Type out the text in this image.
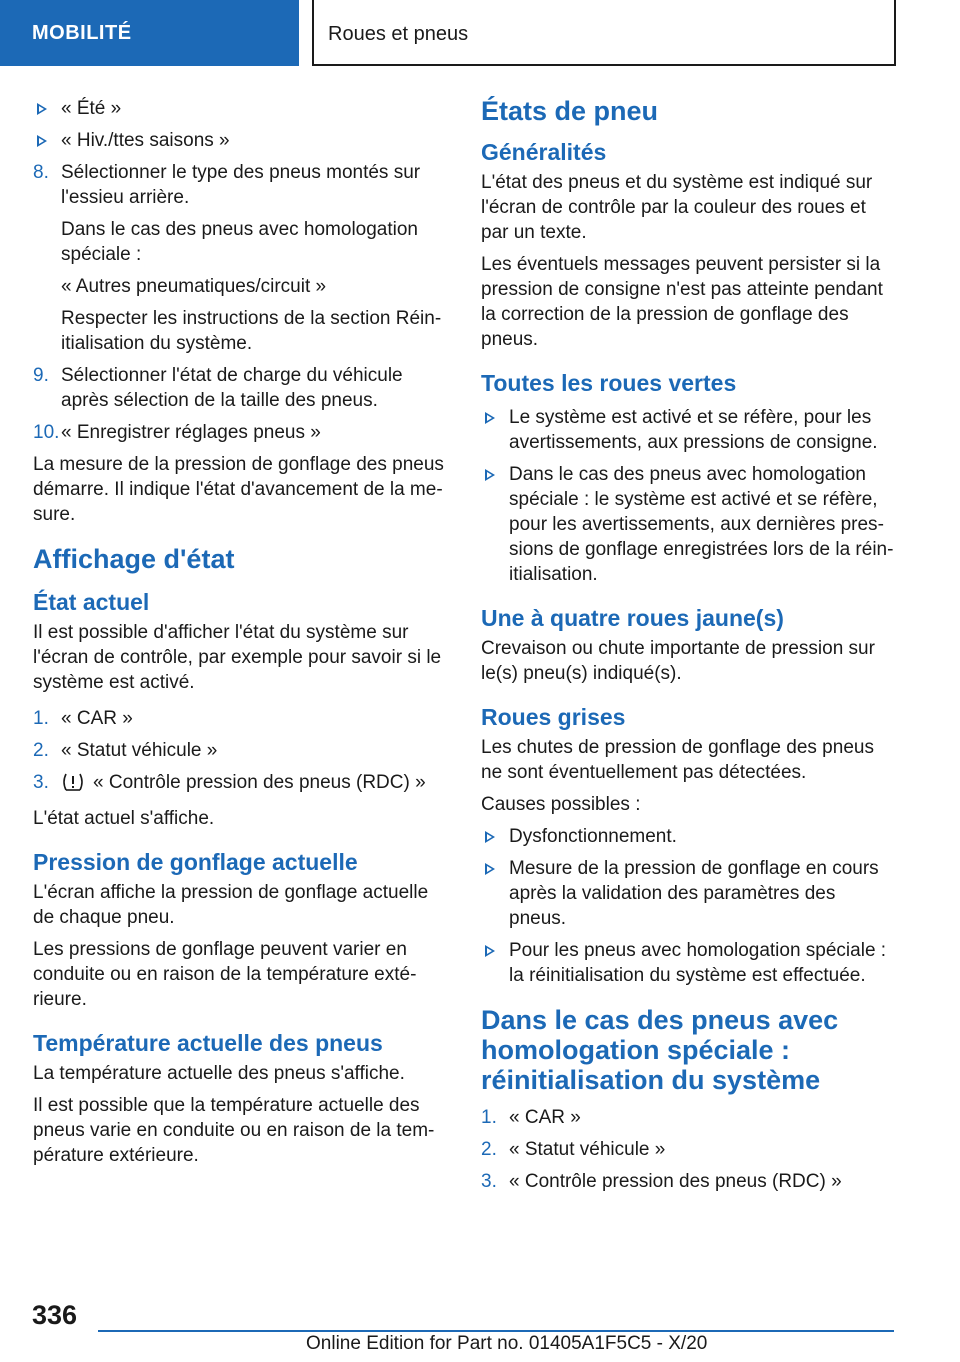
MOBILITÉ	Roues et pneus
« Été »
« Hiv./ttes saisons »
8. Sélectionner le type des pneus montés sur l'essieu arrière.
Dans le cas des pneus avec homologation spéciale :
« Autres pneumatiques/circuit »
Respecter les instructions de la section Réinitialisation du système.
9. Sélectionner l'état de charge du véhicule après sélection de la taille des pneus.
10. « Enregistrer réglages pneus »

La mesure de la pression de gonflage des pneus démarre. Il indique l'état d'avancement de la mesure.

Affichage d'état
État actuel

Il est possible d'afficher l'état du système sur l'écran de contrôle, par exemple pour savoir si le système est activé.

1. « CAR »
2. « Statut véhicule »
3. « Contrôle pression des pneus (RDC) »

L'état actuel s'affiche.

Pression de gonflage actuelle

L'écran affiche la pression de gonflage actuelle de chaque pneu.

Les pressions de gonflage peuvent varier en conduite ou en raison de la température extérieure.

Température actuelle des pneus

La température actuelle des pneus s'affiche.

Il est possible que la température actuelle des pneus varie en conduite ou en raison de la température extérieure.

États de pneu
Généralités

L'état des pneus et du système est indiqué sur l'écran de contrôle par la couleur des roues et par un texte.

Les éventuels messages peuvent persister si la pression de consigne n'est pas atteinte pendant la correction de la pression de gonflage des pneus.

Toutes les roues vertes
Le système est activé et se réfère, pour les avertissements, aux pressions de consigne.
Dans le cas des pneus avec homologation spéciale : le système est activé et se réfère, pour les avertissements, aux dernières pressions de gonflage enregistrées lors de la réinitialisation.
Une à quatre roues jaune(s)

Crevaison ou chute importante de pression sur le(s) pneu(s) indiqué(s).

Roues grises

Les chutes de pression de gonflage des pneus ne sont éventuellement pas détectées.

Causes possibles :

Dysfonctionnement.
Mesure de la pression de gonflage en cours après la validation des paramètres des pneus.
Pour les pneus avec homologation spéciale : la réinitialisation du système est effectuée.
Dans le cas des pneus avec homologation spéciale : réinitialisation du système
1. « CAR »
2. « Statut véhicule »
3. « Contrôle pression des pneus (RDC) »
336
Online Edition for Part no. 01405A1F5C5 - X/20
